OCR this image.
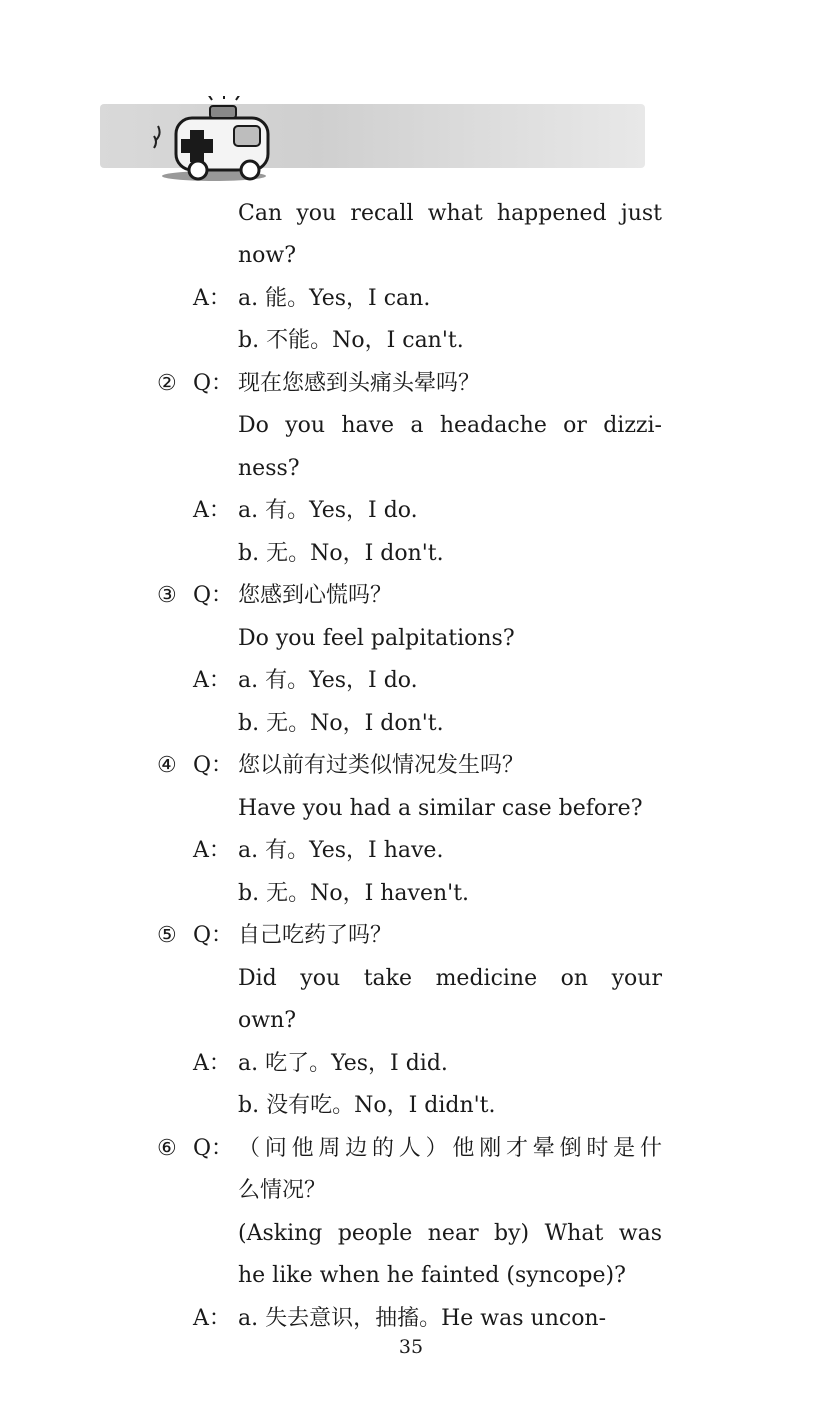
Can you recall what happened just
now?
A： a. 能。Yes，I can.
b. 不能。No，I can't.
② Q： 现在您感到头痛头晕吗？
Do you have a headache or dizzi-
ness?
A： a. 有。Yes，I do.
b. 无。No，I don't.
③ Q： 您感到心慌吗？
Do you feel palpitations?
A： a. 有。Yes，I do.
b. 无。No，I don't.
④ Q： 您以前有过类似情况发生吗？
Have you had a similar case before?
A： a. 有。Yes，I have.
b. 无。No，I haven't.
⑤ Q： 自己吃药了吗？
Did you take medicine on your
own?
A： a. 吃了。Yes，I did.
b. 没有吃。No，I didn't.
⑥ Q： （问他周边的人）他刚才晕倒时是什
么情况？
(Asking people near by) What was
he like when he fainted (syncope)?
A： a. 失去意识，抽搐。He was uncon-
35
